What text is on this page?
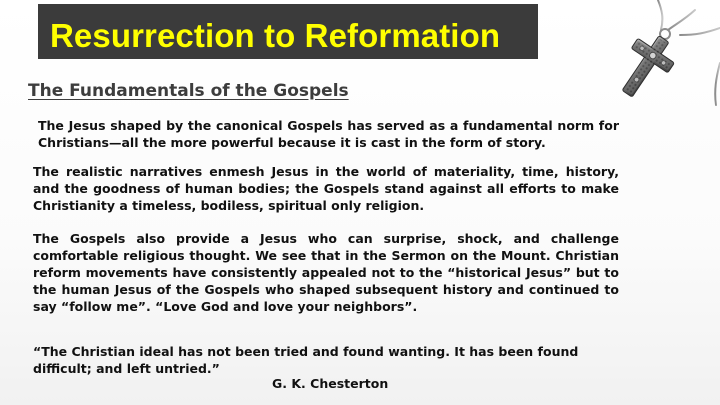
Resurrection to Reformation
The Fundamentals of the Gospels

The Jesus shaped by the canonical Gospels has served as a fundamental norm for Christians—all the more powerful because it is cast in the form of story.

The realistic narratives enmesh Jesus in the world of materiality, time, history, and the goodness of human bodies; the Gospels stand against all efforts to make Christianity a timeless, bodiless, spiritual only religion.

The Gospels also provide a Jesus who can surprise, shock, and challenge comfortable religious thought. We see that in the Sermon on the Mount. Christian reform movements have consistently appealed not to the “historical Jesus” but to the human Jesus of the Gospels who shaped subsequent history and continued to say “follow me”. “Love God and love your neighbors”.

“The Christian ideal has not been tried and found wanting. It has been found difficult; and left untried.”

G. K. Chesterton
